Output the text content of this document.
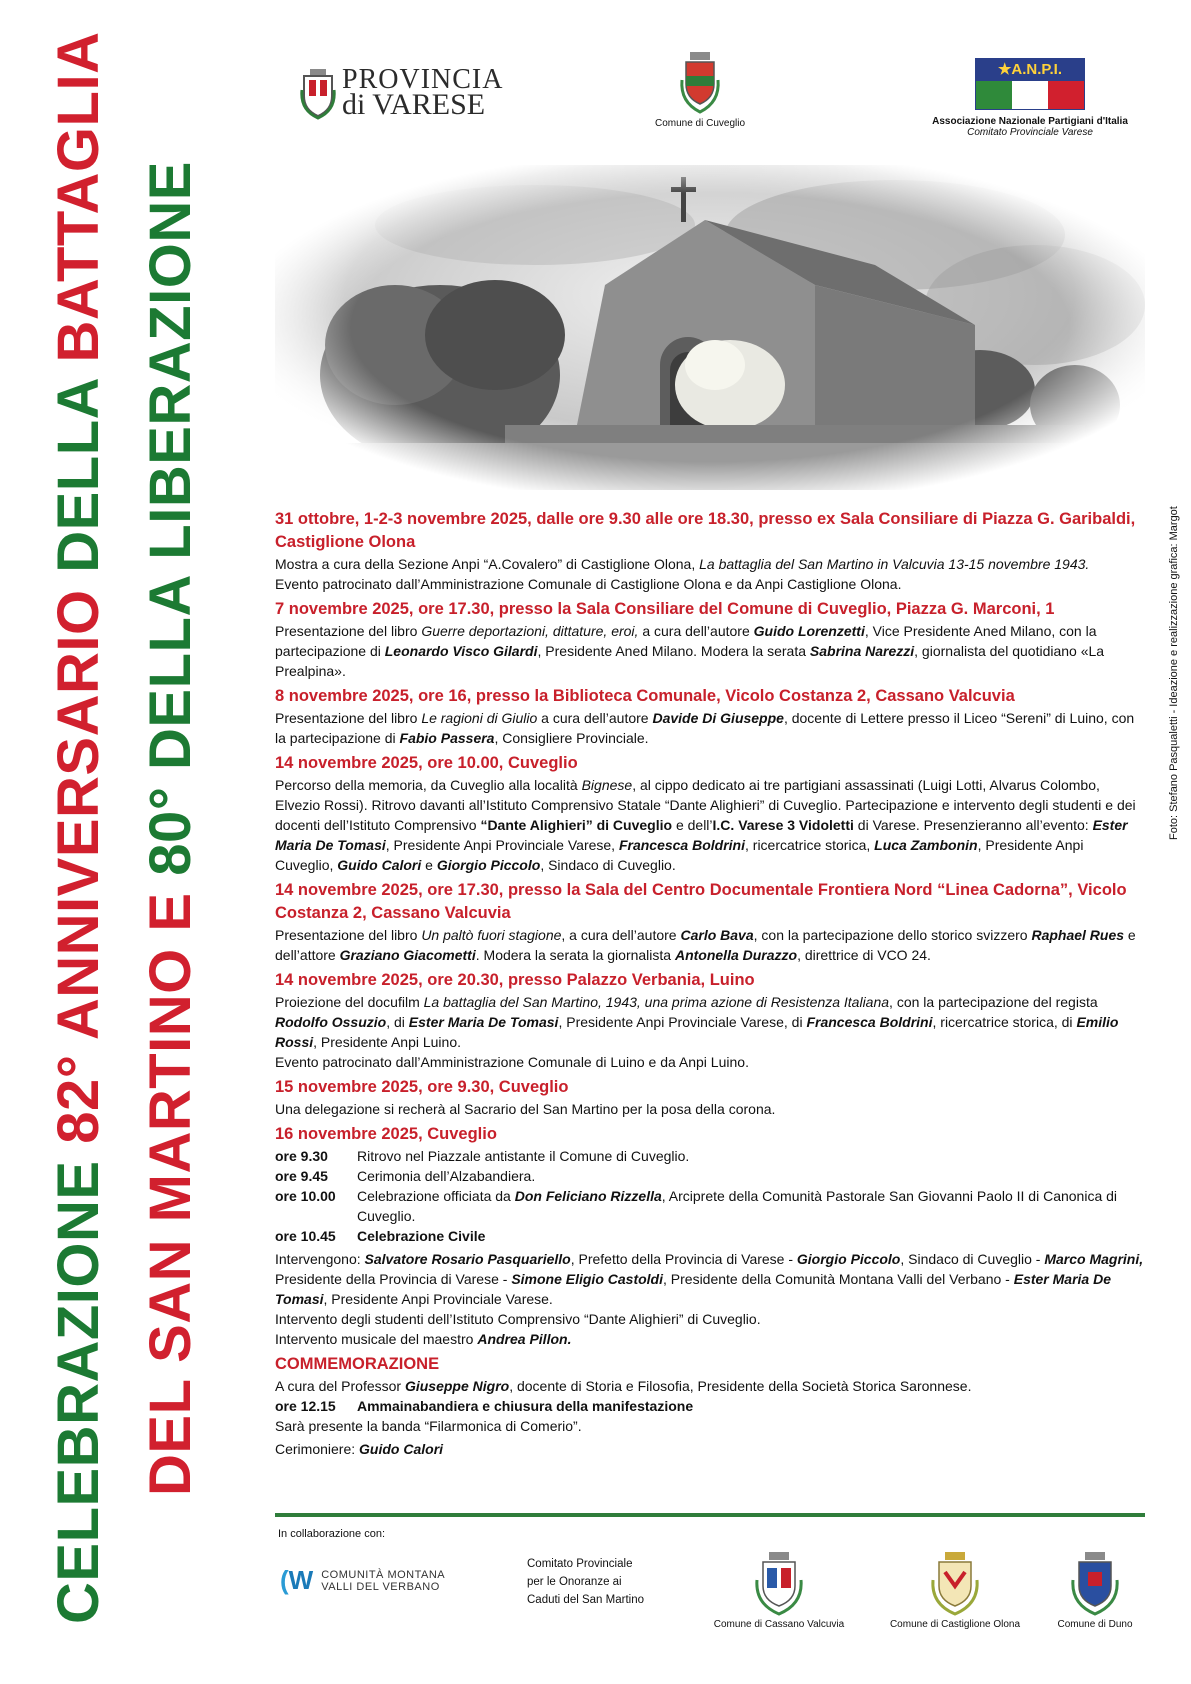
CELEBRAZIONE 82° ANNIVERSARIO DELLA BATTAGLIA
DEL SAN MARTINO E 80° DELLA LIBERAZIONE
PROVINCIA
di VARESE
Comune di Cuveglio
★A.N.P.I.
Associazione Nazionale Partigiani d'Italia
Comitato Provinciale Varese
31 ottobre, 1-2-3 novembre 2025, dalle ore 9.30 alle ore 18.30, presso ex Sala Consiliare di Piazza G. Garibaldi, Castiglione Olona
Mostra a cura della Sezione Anpi “A.Covalero” di Castiglione Olona, La battaglia del San Martino in Valcuvia 13-15 novembre 1943.
Evento patrocinato dall’Amministrazione Comunale di Castiglione Olona e da Anpi Castiglione Olona.
7 novembre 2025, ore 17.30, presso la Sala Consiliare del Comune di Cuveglio, Piazza G. Marconi, 1
Presentazione del libro Guerre deportazioni, dittature, eroi, a cura dell’autore Guido Lorenzetti, Vice Presidente Aned Milano, con la partecipazione di Leonardo Visco Gilardi, Presidente Aned Milano. Modera la serata Sabrina Narezzi, giornalista del quotidiano «La Prealpina».
8 novembre 2025, ore 16, presso la Biblioteca Comunale, Vicolo Costanza 2, Cassano Valcuvia
Presentazione del libro Le ragioni di Giulio a cura dell’autore Davide Di Giuseppe, docente di Lettere presso il Liceo “Sereni” di Luino, con la partecipazione di Fabio Passera, Consigliere Provinciale.
14 novembre 2025, ore 10.00, Cuveglio
Percorso della memoria, da Cuveglio alla località Bignese, al cippo dedicato ai tre partigiani assassinati (Luigi Lotti, Alvarus Colombo, Elvezio Rossi). Ritrovo davanti all’Istituto Comprensivo Statale “Dante Alighieri” di Cuveglio. Partecipazione e intervento degli studenti e dei docenti dell’Istituto Comprensivo “Dante Alighieri” di Cuveglio e dell’I.C. Varese 3 Vidoletti di Varese. Presenzieranno all’evento: Ester Maria De Tomasi, Presidente Anpi Provinciale Varese, Francesca Boldrini, ricercatrice storica, Luca Zambonin, Presidente Anpi Cuveglio, Guido Calori e Giorgio Piccolo, Sindaco di Cuveglio.
14 novembre 2025, ore 17.30, presso la Sala del Centro Documentale Frontiera Nord “Linea Cadorna”, Vicolo Costanza 2, Cassano Valcuvia
Presentazione del libro Un paltò fuori stagione, a cura dell’autore Carlo Bava, con la partecipazione dello storico svizzero Raphael Rues e dell’attore Graziano Giacometti. Modera la serata la giornalista Antonella Durazzo, direttrice di VCO 24.
14 novembre 2025, ore 20.30, presso Palazzo Verbania, Luino
Proiezione del docufilm La battaglia del San Martino, 1943, una prima azione di Resistenza Italiana, con la partecipazione del regista Rodolfo Ossuzio, di Ester Maria De Tomasi, Presidente Anpi Provinciale Varese, di Francesca Boldrini, ricercatrice storica, di Emilio Rossi, Presidente Anpi Luino.
Evento patrocinato dall’Amministrazione Comunale di Luino e da Anpi Luino.
15 novembre 2025, ore 9.30, Cuveglio
Una delegazione si recherà al Sacrario del San Martino per la posa della corona.
16 novembre 2025, Cuveglio
ore 9.30	Ritrovo nel Piazzale antistante il Comune di Cuveglio.
ore 9.45	Cerimonia dell’Alzabandiera.
ore 10.00	Celebrazione officiata da Don Feliciano Rizzella, Arciprete della Comunità Pastorale San Giovanni Paolo II di Canonica di Cuveglio.
ore 10.45	Celebrazione Civile
Intervengono: Salvatore Rosario Pasquariello, Prefetto della Provincia di Varese - Giorgio Piccolo, Sindaco di Cuveglio - Marco Magrini, Presidente della Provincia di Varese - Simone Eligio Castoldi, Presidente della Comunità Montana Valli del Verbano - Ester Maria De Tomasi, Presidente Anpi Provinciale Varese.
Intervento degli studenti dell’Istituto Comprensivo “Dante Alighieri” di Cuveglio.
Intervento musicale del maestro Andrea Pillon.
COMMEMORAZIONE
A cura del Professor Giuseppe Nigro, docente di Storia e Filosofia, Presidente della Società Storica Saronnese.
ore 12.15	Ammainabandiera e chiusura della manifestazione
Sarà presente la banda “Filarmonica di Comerio”.
Cerimoniere: Guido Calori
In collaborazione con:
(W COMUNITÀ MONTANA
VALLI DEL VERBANO
Comitato Provinciale
per le Onoranze ai
Caduti del San Martino
Comune di Cassano Valcuvia	Comune di Castiglione Olona	Comune di Duno
Foto: Stefano Pasqualetti - Ideazione e realizzazione grafica: Margot
